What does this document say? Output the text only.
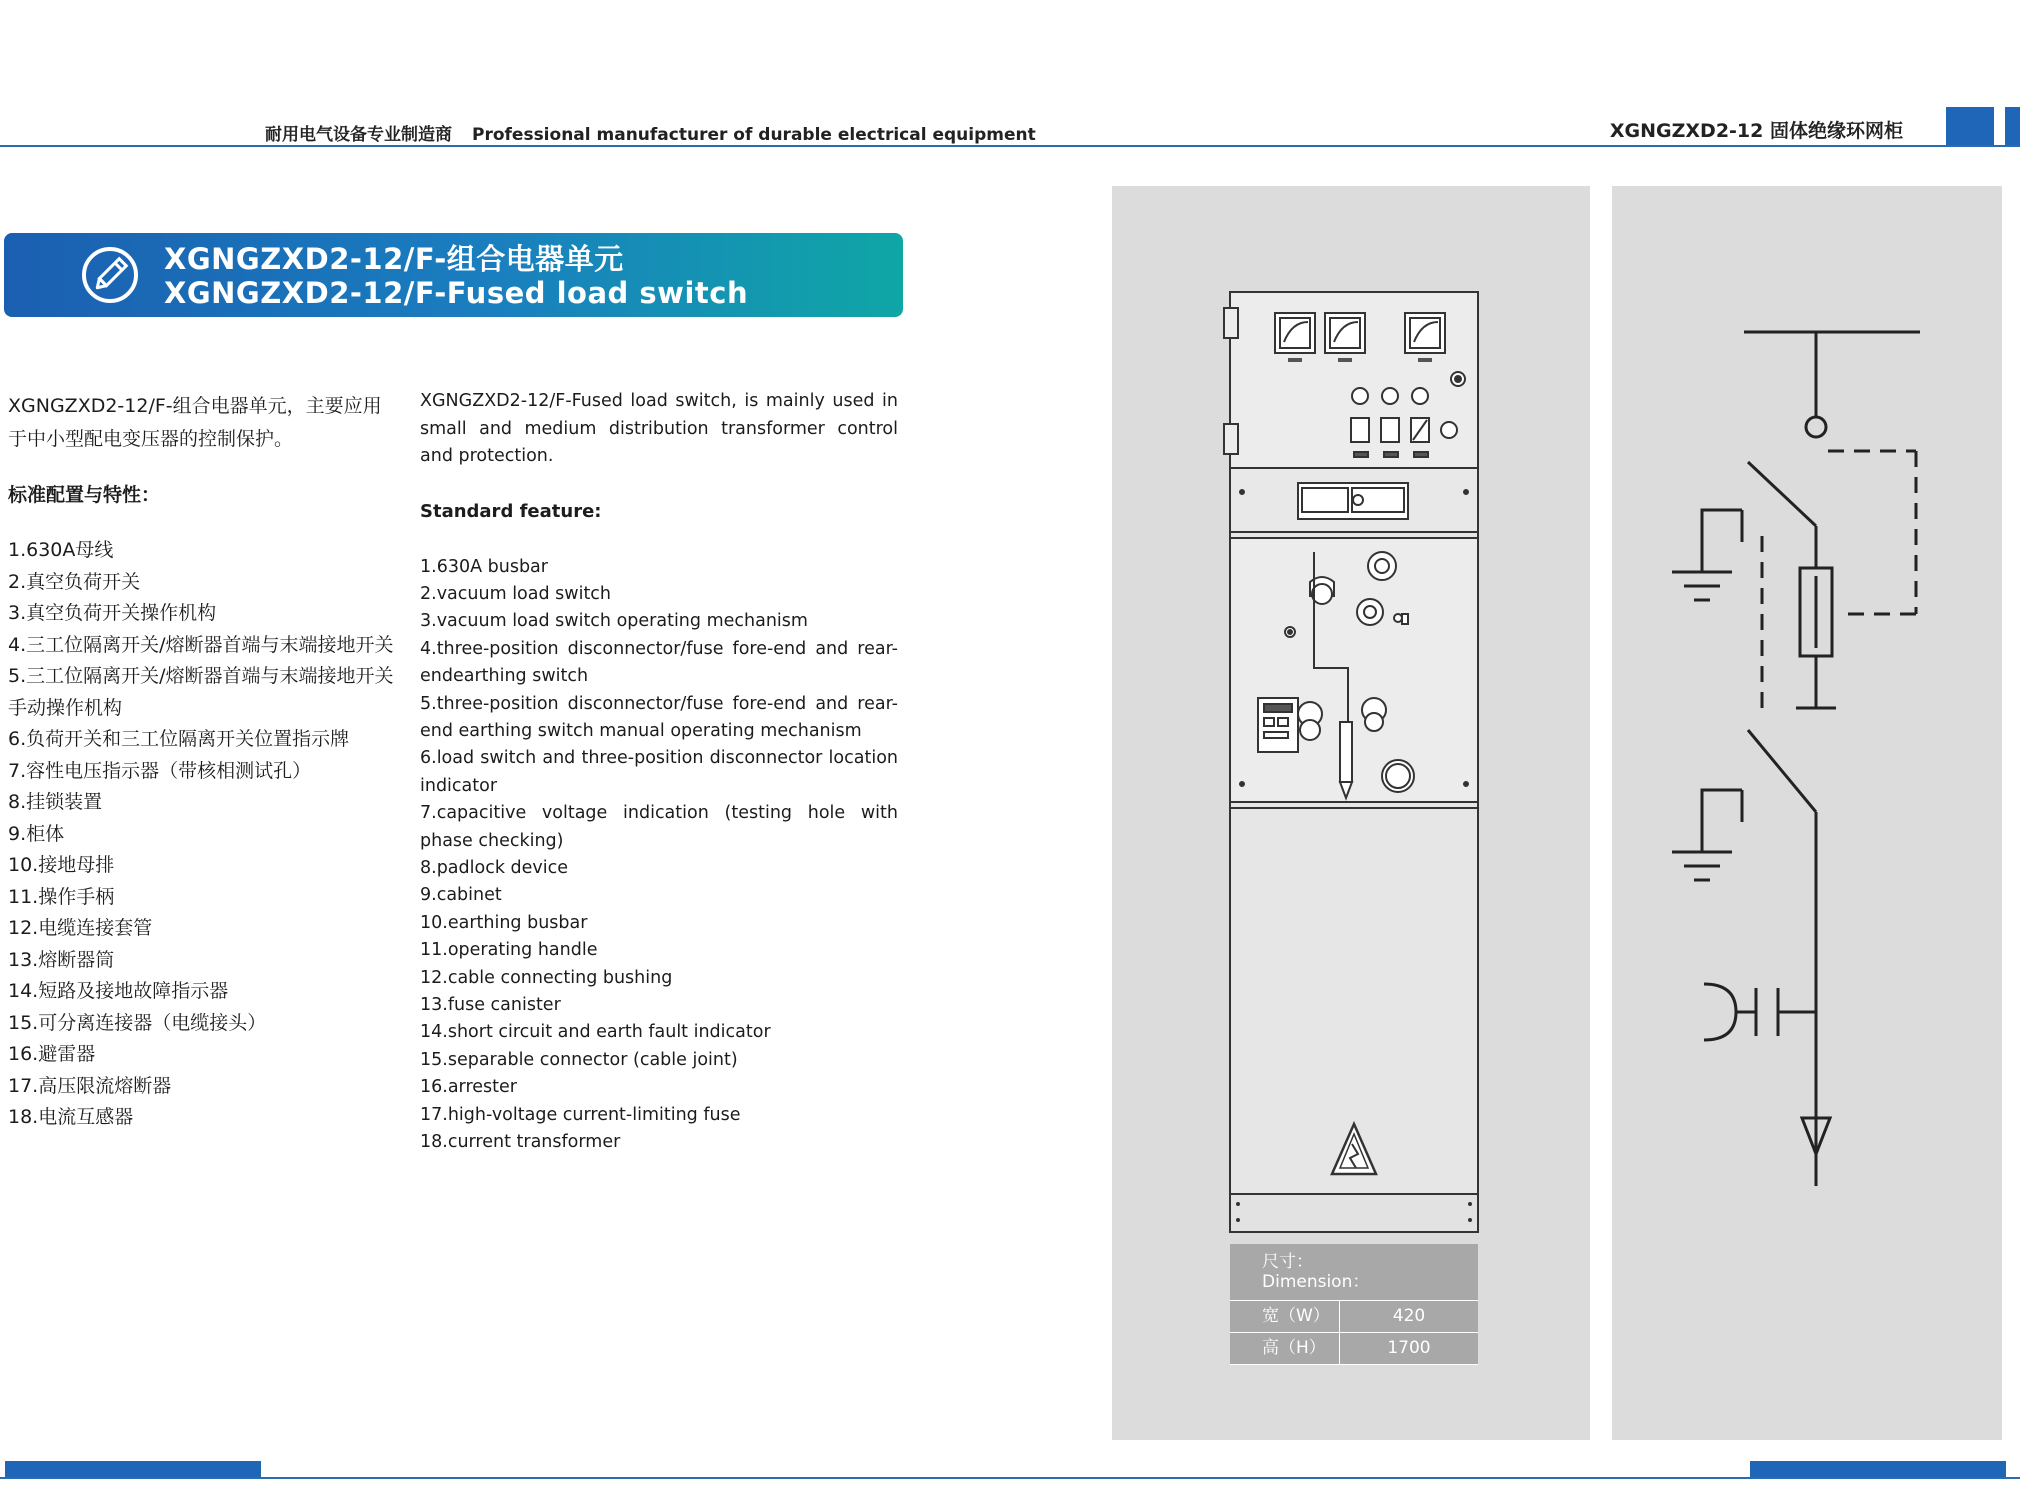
耐用电气设备专业制造商 Professional manufacturer of durable electrical equipment	XGNGZXD2-12 固体绝缘环网柜
XGNGZXD2-12/F-组合电器单元
XGNGZXD2-12/F-Fused load switch

XGNGZXD2-12/F-组合电器单元，主要应用于中小型配电变压器的控制保护。

标准配置与特性：
1.630A母线
2.真空负荷开关
3.真空负荷开关操作机构
4.三工位隔离开关/熔断器首端与末端接地开关
5.三工位隔离开关/熔断器首端与末端接地开关手动操作机构
6.负荷开关和三工位隔离开关位置指示牌
7.容性电压指示器（带核相测试孔）
8.挂锁装置
9.柜体
10.接地母排
11.操作手柄
12.电缆连接套管
13.熔断器筒
14.短路及接地故障指示器
15.可分离连接器（电缆接头）
16.避雷器
17.高压限流熔断器
18.电流互感器

XGNGZXD2-12/F-Fused load switch, is mainly used in small and medium distribution transformer control and protection.

Standard feature:
1.630A busbar
2.vacuum load switch
3.vacuum load switch operating mechanism
4.three-position disconnector/fuse fore-end and rear-endearthing switch
5.three-position disconnector/fuse fore-end and rear-end earthing switch manual operating mechanism
6.load switch and three-position disconnector location indicator
7.capacitive voltage indication (testing hole with phase checking)
8.padlock device
9.cabinet
10.earthing busbar
11.operating handle
12.cable connecting bushing
13.fuse canister
14.short circuit and earth fault indicator
15.separable connector (cable joint)
16.arrester
17.high-voltage current-limiting fuse
18.current transformer
尺寸：
Dimension：
宽（W）	420
高（H）	1700
